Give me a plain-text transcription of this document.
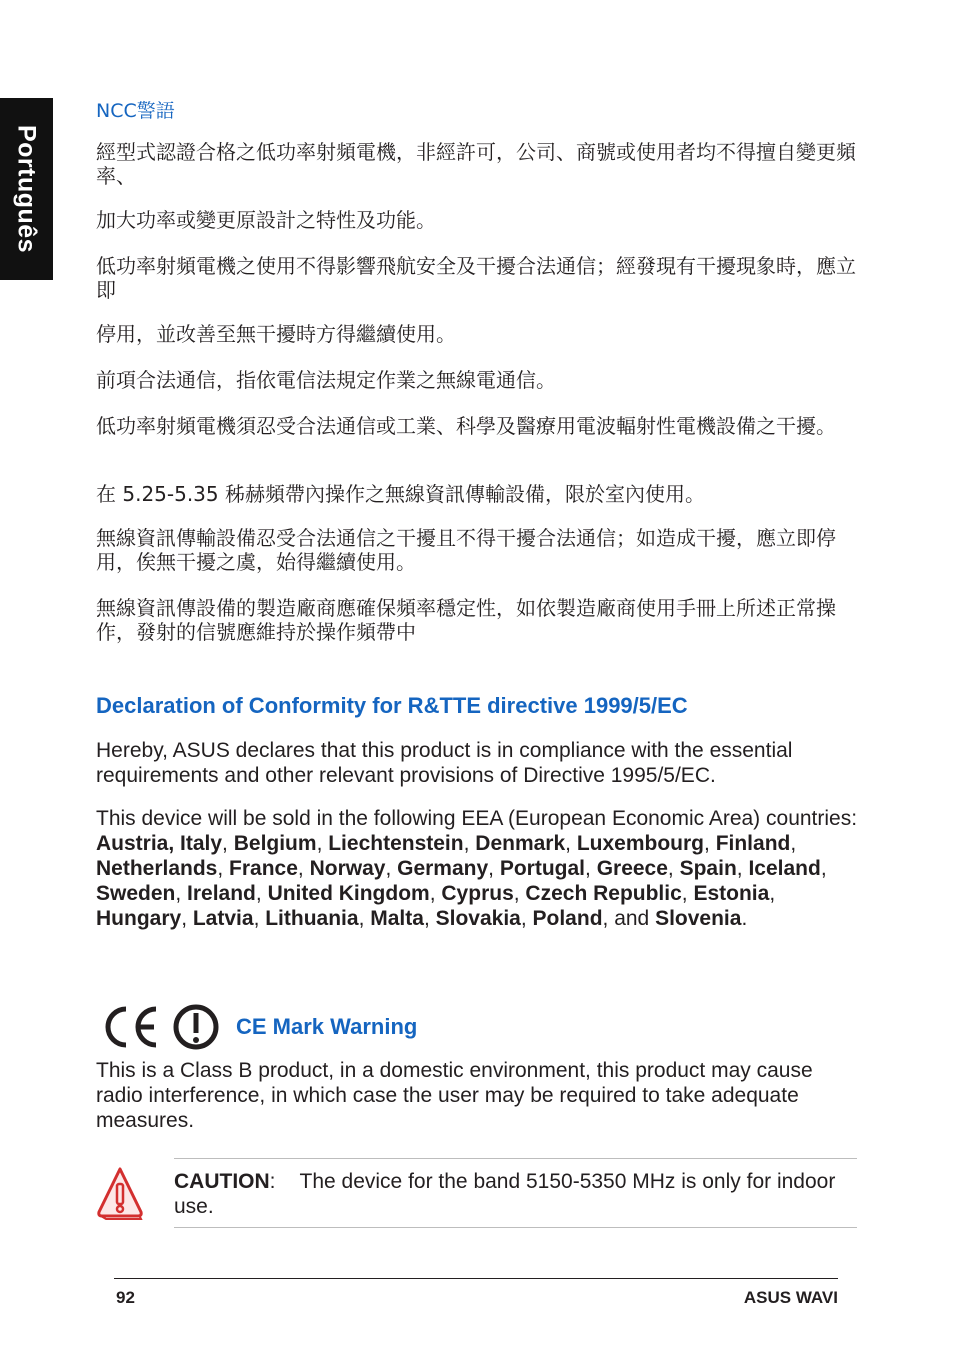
Português
NCC警語
經型式認證合格之低功率射頻電機，非經許可，公司、商號或使用者均不得擅自變更頻率、
加大功率或變更原設計之特性及功能。
低功率射頻電機之使用不得影響飛航安全及干擾合法通信；經發現有干擾現象時，應立即
停用，並改善至無干擾時方得繼續使用。
前項合法通信，指依電信法規定作業之無線電通信。
低功率射頻電機須忍受合法通信或工業、科學及醫療用電波輻射性電機設備之干擾。
在 5.25-5.35 秭赫頻帶內操作之無線資訊傳輸設備，限於室內使用。
無線資訊傳輸設備忍受合法通信之干擾且不得干擾合法通信；如造成干擾，應立即停用，俟無干擾之虞，始得繼續使用。
無線資訊傳設備的製造廠商應確保頻率穩定性，如依製造廠商使用手冊上所述正常操作，發射的信號應維持於操作頻帶中
Declaration of Conformity for R&TTE directive 1999/5/EC
Hereby, ASUS declares that this product is in compliance with the essential requirements and other relevant provisions of Directive 1995/5/EC.
This device will be sold in the following EEA (European Economic Area) countries: Austria, Italy, Belgium, Liechtenstein, Denmark, Luxembourg, Finland, Netherlands, France, Norway, Germany, Portugal, Greece, Spain, Iceland, Sweden, Ireland, United Kingdom, Cyprus, Czech Republic, Estonia, Hungary, Latvia, Lithuania, Malta, Slovakia, Poland, and Slovenia.
CE Mark Warning
This is a Class B product, in a domestic environment, this product may cause radio interference, in which case the user may be required to take adequate measures.
CAUTION: The device for the band 5150-5350 MHz is only for indoor use.
92	ASUS WAVI
